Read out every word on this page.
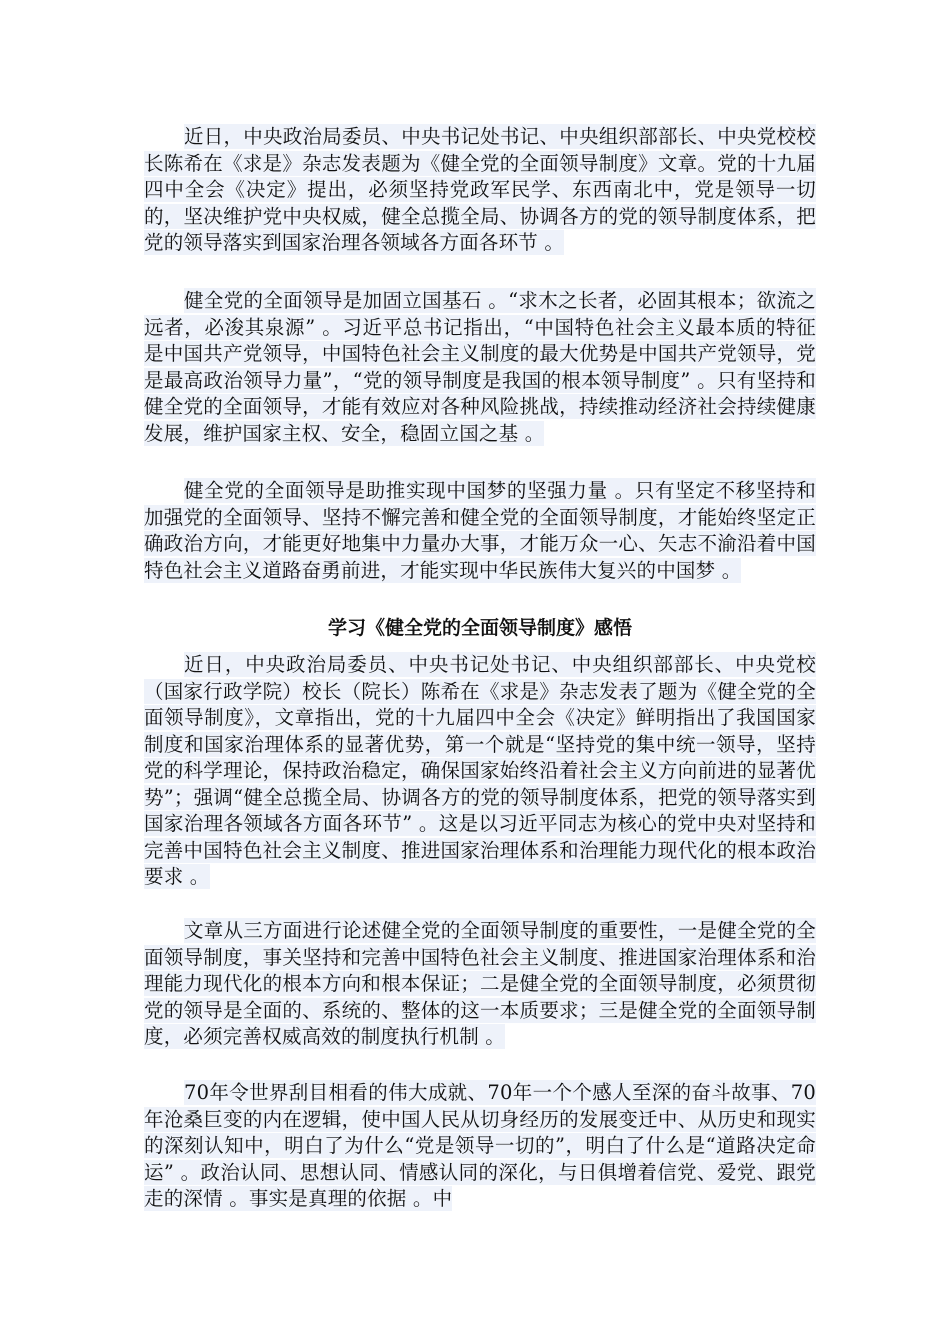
近日，中央政治局委员、中央书记处书记、中央组织部部长、中央党校校长陈希在《求是》杂志发表题为《健全党的全面领导制度》文章。党的十九届四中全会《决定》提出，必须坚持党政军民学、东西南北中，党是领导一切的，坚决维护党中央权威，健全总揽全局、协调各方的党的领导制度体系，把党的领导落实到国家治理各领域各方面各环节 。

健全党的全面领导是加固立国基石 。“求木之长者，必固其根本；欲流之远者，必浚其泉源” 。习近平总书记指出，“中国特色社会主义最本质的特征是中国共产党领导，中国特色社会主义制度的最大优势是中国共产党领导，党是最高政治领导力量”，“党的领导制度是我国的根本领导制度” 。只有坚持和健全党的全面领导，才能有效应对各种风险挑战，持续推动经济社会持续健康发展，维护国家主权、安全，稳固立国之基 。

健全党的全面领导是助推实现中国梦的坚强力量 。只有坚定不移坚持和加强党的全面领导、坚持不懈完善和健全党的全面领导制度，才能始终坚定正确政治方向，才能更好地集中力量办大事，才能万众一心、矢志不渝沿着中国特色社会主义道路奋勇前进，才能实现中华民族伟大复兴的中国梦 。

学习《健全党的全面领导制度》感悟

近日，中央政治局委员、中央书记处书记、中央组织部部长、中央党校（国家行政学院）校长（院长）陈希在《求是》杂志发表了题为《健全党的全面领导制度》，文章指出，党的十九届四中全会《决定》鲜明指出了我国国家制度和国家治理体系的显著优势，第一个就是“坚持党的集中统一领导，坚持党的科学理论，保持政治稳定，确保国家始终沿着社会主义方向前进的显著优势”；强调“健全总揽全局、协调各方的党的领导制度体系，把党的领导落实到国家治理各领域各方面各环节” 。这是以习近平同志为核心的党中央对坚持和完善中国特色社会主义制度、推进国家治理体系和治理能力现代化的根本政治要求 。

文章从三方面进行论述健全党的全面领导制度的重要性，一是健全党的全面领导制度，事关坚持和完善中国特色社会主义制度、推进国家治理体系和治理能力现代化的根本方向和根本保证；二是健全党的全面领导制度，必须贯彻党的领导是全面的、系统的、整体的这一本质要求；三是健全党的全面领导制度，必须完善权威高效的制度执行机制 。

70年令世界刮目相看的伟大成就、70年一个个感人至深的奋斗故事、70年沧桑巨变的内在逻辑，使中国人民从切身经历的发展变迁中、从历史和现实的深刻认知中，明白了为什么“党是领导一切的”，明白了什么是“道路决定命运” 。政治认同、思想认同、情感认同的深化，与日俱增着信党、爱党、跟党走的深情 。事实是真理的依据 。中
